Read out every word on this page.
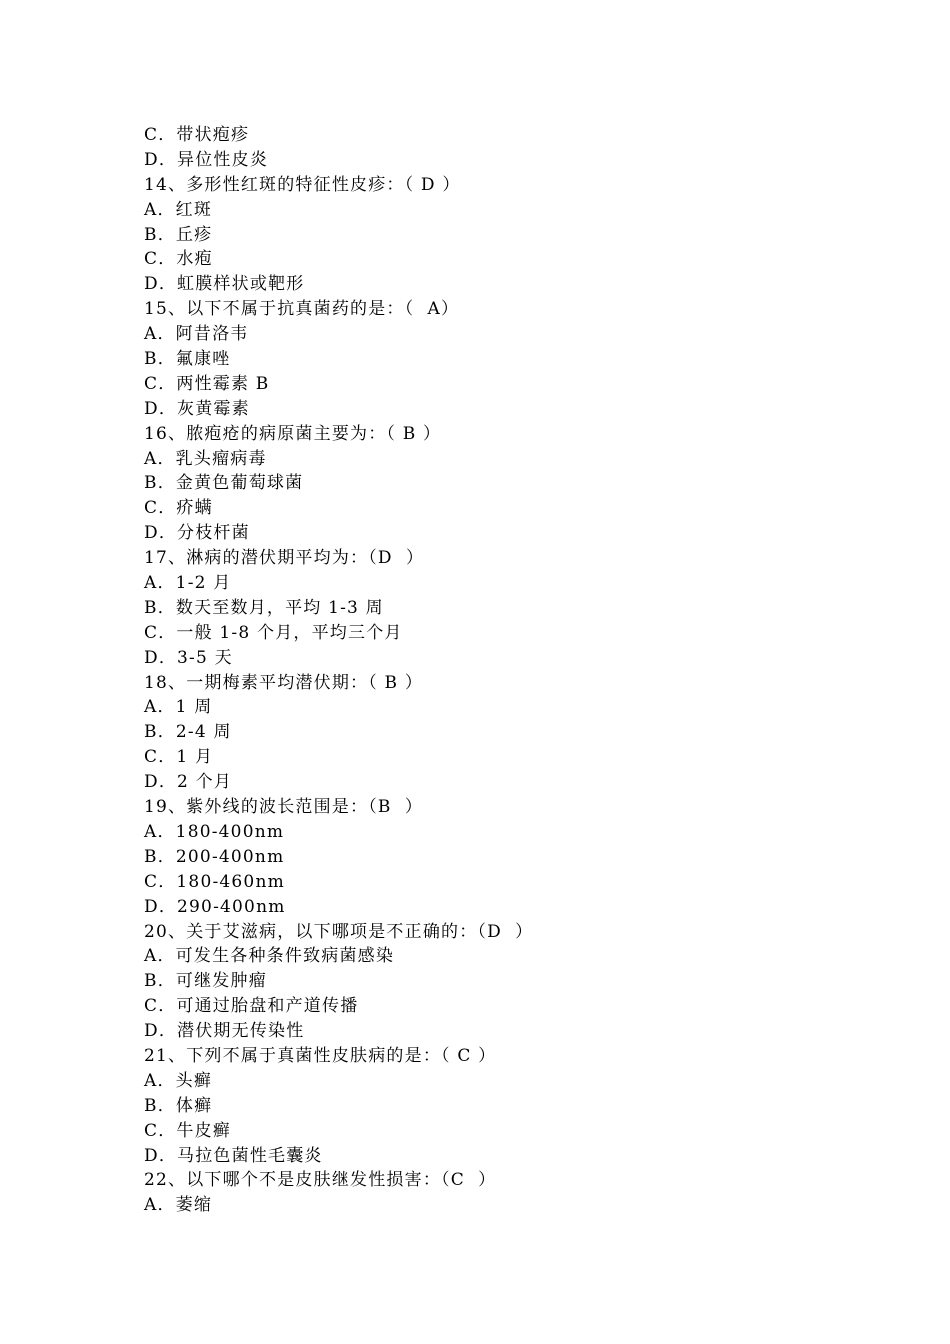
C．带状疱疹
D．异位性皮炎
14、多形性红斑的特征性皮疹：（ D ）
A．红斑
B．丘疹
C．水疱
D．虹膜样状或靶形
15、以下不属于抗真菌药的是：（  A）
A．阿昔洛韦
B．氟康唑
C．两性霉素 B
D．灰黄霉素
16、脓疱疮的病原菌主要为：（ B ）
A．乳头瘤病毒
B．金黄色葡萄球菌
C．疥螨
D．分枝杆菌
17、淋病的潜伏期平均为：（D  ）
A．1-2 月
B．数天至数月，平均 1-3 周
C．一般 1-8 个月，平均三个月
D．3-5 天
18、一期梅素平均潜伏期：（ B ）
A．1 周
B．2-4 周
C．1 月
D．2 个月
19、紫外线的波长范围是：（B  ）
A．180-400nm
B．200-400nm
C．180-460nm
D．290-400nm
20、关于艾滋病，以下哪项是不正确的：（D  ）
A．可发生各种条件致病菌感染
B．可继发肿瘤
C．可通过胎盘和产道传播
D．潜伏期无传染性
21、下列不属于真菌性皮肤病的是：（ C ）
A．头癣
B．体癣
C．牛皮癣
D．马拉色菌性毛囊炎
22、以下哪个不是皮肤继发性损害：（C  ）
A．萎缩
